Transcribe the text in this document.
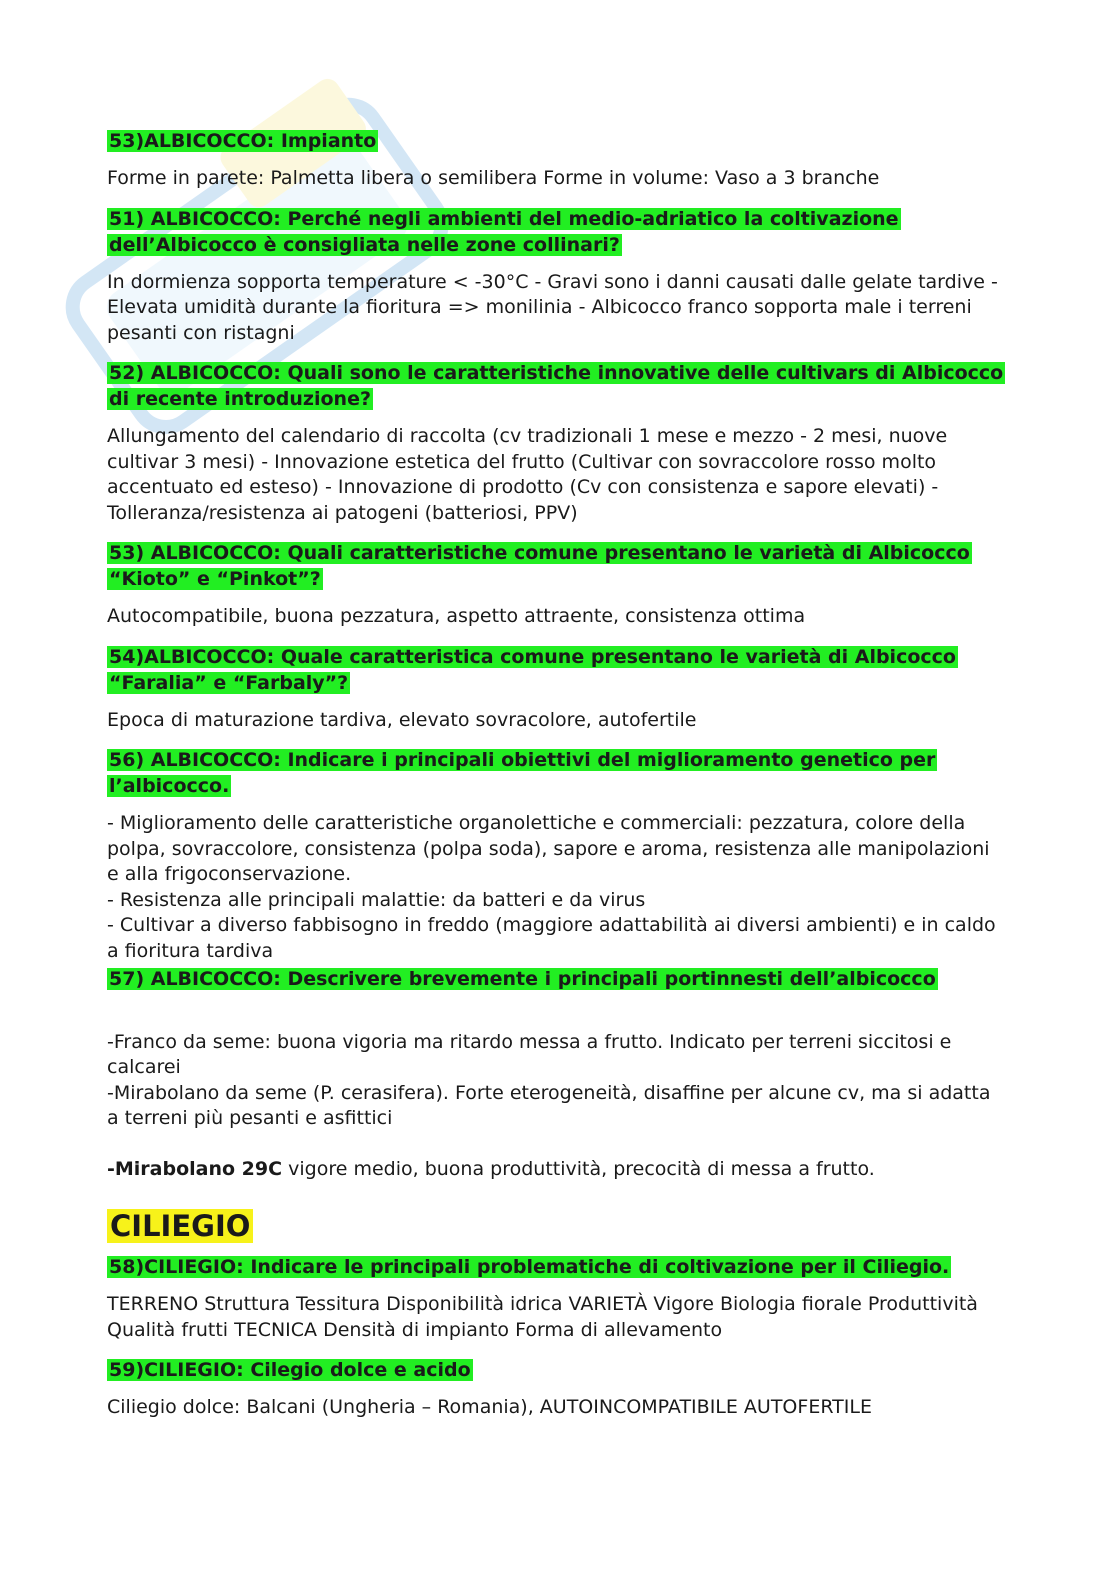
53)ALBICOCCO: Impianto
Forme in parete: Palmetta libera o semilibera Forme in volume: Vaso a 3 branche
51) ALBICOCCO: Perché negli ambienti del medio-adriatico la coltivazione dell’Albicocco è consigliata nelle zone collinari?
In dormienza sopporta temperature < -30°C - Gravi sono i danni causati dalle gelate tardive - Elevata umidità durante la fioritura => monilinia - Albicocco franco sopporta male i terreni pesanti con ristagni
52) ALBICOCCO: Quali sono le caratteristiche innovative delle cultivars di Albicocco di recente introduzione?
Allungamento del calendario di raccolta (cv tradizionali 1 mese e mezzo - 2 mesi, nuove cultivar 3 mesi) - Innovazione estetica del frutto (Cultivar con sovraccolore rosso molto accentuato ed esteso) - Innovazione di prodotto (Cv con consistenza e sapore elevati) - Tolleranza/resistenza ai patogeni (batteriosi, PPV)
53) ALBICOCCO: Quali caratteristiche comune presentano le varietà di Albicocco “Kioto” e “Pinkot”?
Autocompatibile, buona pezzatura, aspetto attraente, consistenza ottima
54)ALBICOCCO: Quale caratteristica comune presentano le varietà di Albicocco “Faralia” e “Farbaly”?
Epoca di maturazione tardiva, elevato sovracolore, autofertile
56) ALBICOCCO: Indicare i principali obiettivi del miglioramento genetico per l’albicocco.
- Miglioramento delle caratteristiche organolettiche e commerciali: pezzatura, colore della polpa, sovraccolore, consistenza (polpa soda), sapore e aroma, resistenza alle manipolazioni e alla frigoconservazione.
- Resistenza alle principali malattie: da batteri e da virus
- Cultivar a diverso fabbisogno in freddo (maggiore adattabilità ai diversi ambienti) e in caldo a fioritura tardiva
57) ALBICOCCO: Descrivere brevemente i principali portinnesti dell’albicocco

-Franco da seme: buona vigoria ma ritardo messa a frutto. Indicato per terreni siccitosi e calcarei
-Mirabolano da seme (P. cerasifera). Forte eterogeneità, disaffine per alcune cv, ma si adatta a terreni più pesanti e asfittici

-Mirabolano 29C vigore medio, buona produttività, precocità di messa a frutto.

CILIEGIO
58)CILIEGIO: Indicare le principali problematiche di coltivazione per il Ciliegio.
TERRENO Struttura Tessitura Disponibilità idrica VARIETÀ Vigore Biologia fiorale Produttività Qualità frutti TECNICA Densità di impianto Forma di allevamento
59)CILIEGIO: Cilegio dolce e acido
Ciliegio dolce: Balcani (Ungheria – Romania), AUTOINCOMPATIBILE AUTOFERTILE
